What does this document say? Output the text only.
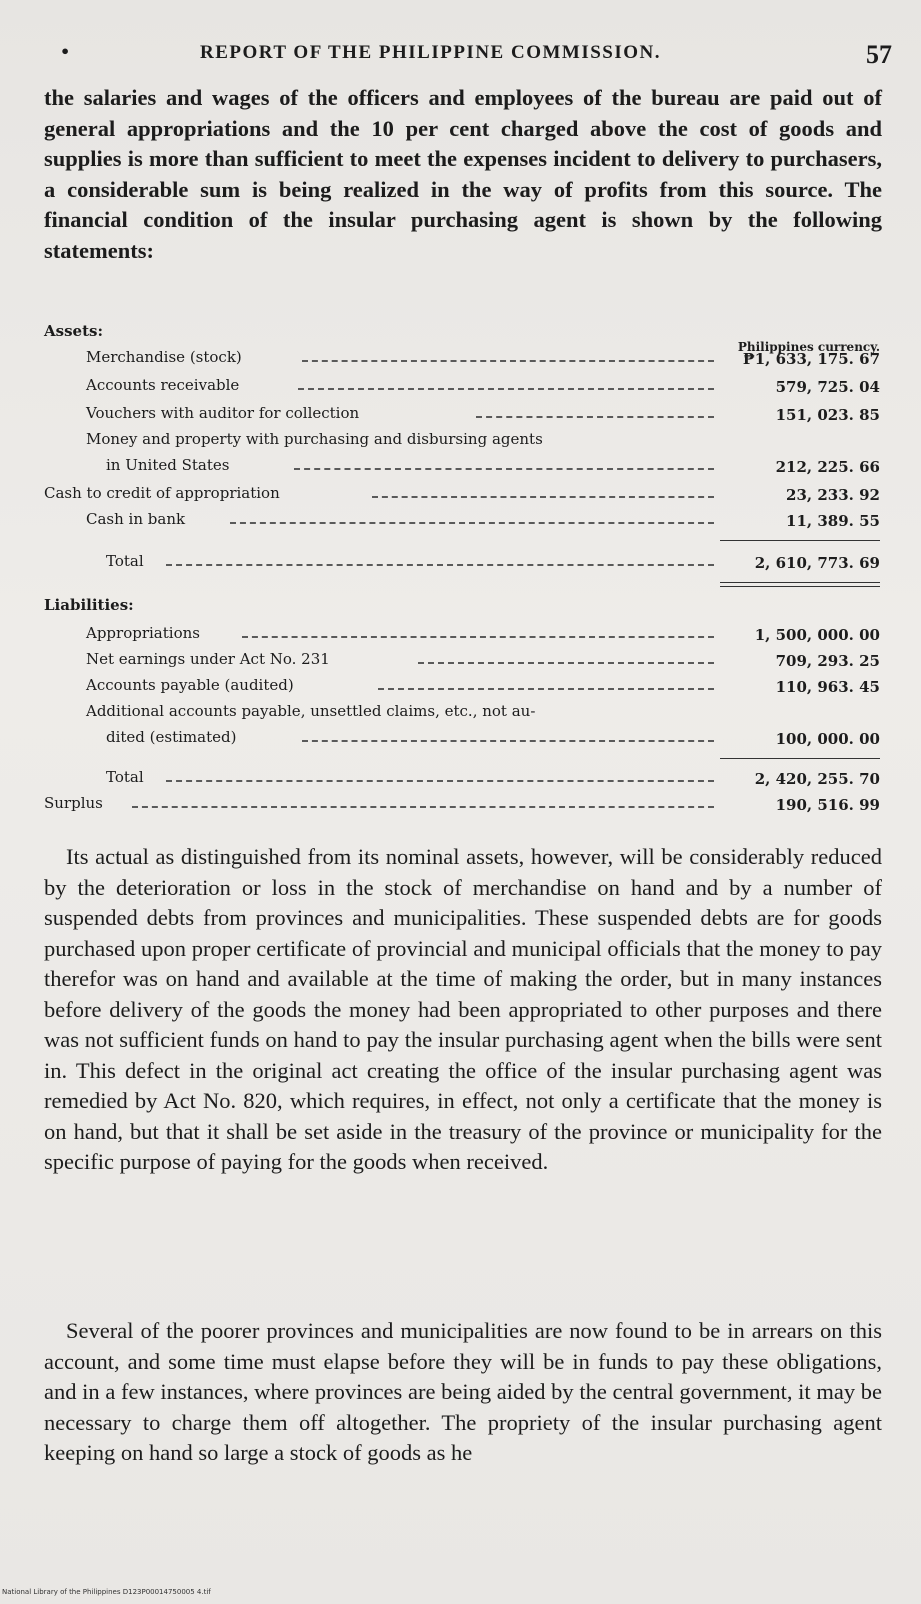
•	REPORT OF THE PHILIPPINE COMMISSION.	57

the salaries and wages of the officers and employees of the bureau are paid out of general appropriations and the 10 per cent charged above the cost of goods and supplies is more than sufficient to meet the expenses incident to delivery to purchasers, a considerable sum is being realized in the way of profits from this source. The financial condition of the insular purchasing agent is shown by the following statements:

Assets:
Philippines currency.
Merchandise (stock)	₱1, 633, 175. 67
Accounts receivable	579, 725. 04
Vouchers with auditor for collection	151, 023. 85
Money and property with purchasing and disbursing agents
in United States	212, 225. 66
Cash to credit of appropriation	23, 233. 92
Cash in bank	11, 389. 55
Total	2, 610, 773. 69
Liabilities:
Appropriations	1, 500, 000. 00
Net earnings under Act No. 231	709, 293. 25
Accounts payable (audited)	110, 963. 45
Additional accounts payable, unsettled claims, etc., not au-
dited (estimated)	100, 000. 00
Total	2, 420, 255. 70
Surplus	190, 516. 99

Its actual as distinguished from its nominal assets, however, will be considerably reduced by the deterioration or loss in the stock of merchandise on hand and by a number of suspended debts from provinces and municipalities. These suspended debts are for goods purchased upon proper certificate of provincial and municipal officials that the money to pay therefor was on hand and available at the time of making the order, but in many instances before delivery of the goods the money had been appropriated to other purposes and there was not sufficient funds on hand to pay the insular purchasing agent when the bills were sent in. This defect in the original act creating the office of the insular purchasing agent was remedied by Act No. 820, which requires, in effect, not only a certificate that the money is on hand, but that it shall be set aside in the treasury of the province or municipality for the specific purpose of paying for the goods when received.

Several of the poorer provinces and municipalities are now found to be in arrears on this account, and some time must elapse before they will be in funds to pay these obligations, and in a few instances, where provinces are being aided by the central government, it may be necessary to charge them off altogether. The propriety of the insular purchasing agent keeping on hand so large a stock of goods as he

National Library of the Philippines D123P00014750005 4.tif
